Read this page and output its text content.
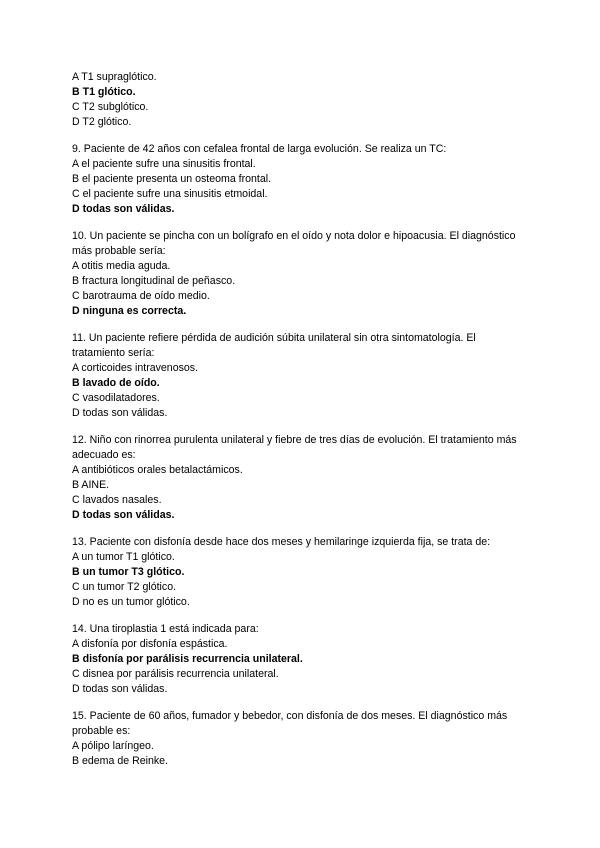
A T1 supraglótico.
B T1 glótico.
C T2 subglótico.
D T2 glótico.
9. Paciente de 42 años con cefalea frontal de larga evolución. Se realiza un TC:
A el paciente sufre una sinusitis frontal.
B el paciente presenta un osteoma frontal.
C el paciente sufre una sinusitis etmoidal.
D todas son válidas.
10. Un paciente se pincha con un bolígrafo en el oído y nota dolor e hipoacusia. El diagnóstico más probable sería:
A otitis media aguda.
B fractura longitudinal de peñasco.
C barotrauma de oído medio.
D ninguna es correcta.
11. Un paciente refiere pérdida de audición súbita unilateral sin otra sintomatología. El tratamiento sería:
A corticoides intravenosos.
B lavado de oído.
C vasodilatadores.
D todas son válidas.
12. Niño con rinorrea purulenta unilateral y fiebre de tres días de evolución. El tratamiento más adecuado es:
A antibióticos orales betalactámicos.
B AINE.
C lavados nasales.
D todas son válidas.
13. Paciente con disfonía desde hace dos meses y hemilaringe izquierda fija, se trata de:
A un tumor T1 glótico.
B un tumor T3 glótico.
C un tumor T2 glótico.
D no es un tumor glótico.
14. Una tiroplastia 1 está indicada para:
A disfonía por disfonía espástica.
B disfonía por parálisis recurrencia unilateral.
C disnea por parálisis recurrencia unilateral.
D todas son válidas.
15. Paciente de 60 años, fumador y bebedor, con disfonía de dos meses. El diagnóstico más probable es:
A pólipo laríngeo.
B edema de Reinke.
